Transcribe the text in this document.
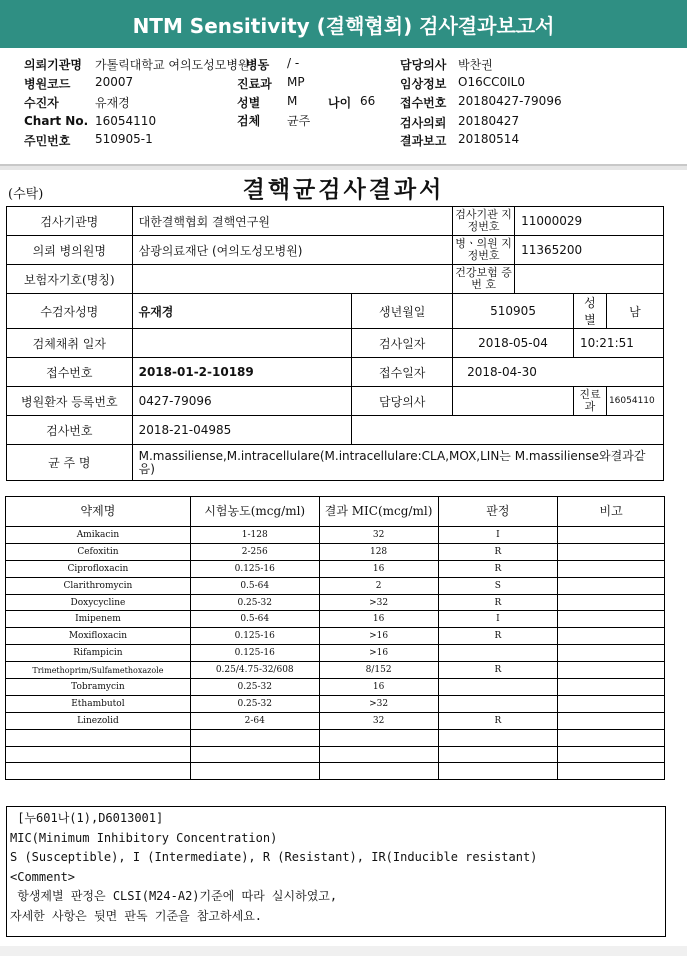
NTM Sensitivity (결핵협회) 검사결과보고서
의뢰기관명 가톨릭대학교 여의도성모병원
병동 / -	담당의사 박찬권
병원코드 20007	진료과 MP	임상정보 O16CC0IL0
수진자	유재경	성별 M	나이 66 접수번호 20180427-79096
Chart No. 16054110	검체 균주	검사의뢰 20180427
주민번호 510905-1	결과보고 20180514
(수탁)	결핵균검사결과서
검사기관명	대한결핵협회 결핵연구원		검사기관 지정번호	11000029		
의뢰 병의원명	삼광의료재단 (여의도성모병원)		병ㆍ의원 지정번호	11365200		
보험자기호(명칭)			건강보험 증 번 호			
수검자성명	유재경	생년월일	510905		성별	남
검체채취 일자		검사일자	2018-05-04		10:21:51	
접수번호	2018-01-2-10189	접수일자	2018-04-30			
병원환자 등록번호	0427-79096	담당의사			진료과	16054110
검사번호	2018-21-04985					
균 주 명	M.massiliense,M.intracellulare(M.intracellulare:CLA,MOX,LIN는 M.massiliense와결과같음)					
약제명	시험농도(mcg/ml)	결과 MIC(mcg/ml)	판정	비고
Amikacin	1-128	32	I	
Cefoxitin	2-256	128	R	
Ciprofloxacin	0.125-16	16	R	
Clarithromycin	0.5-64	2	S	
Doxycycline	0.25-32	>32	R	
Imipenem	0.5-64	16	I	
Moxifloxacin	0.125-16	>16	R	
Rifampicin	0.125-16	>16		
Trimethoprim/Sulfamethoxazole	0.25/4.75-32/608	8/152	R	
Tobramycin	0.25-32	16		
Ethambutol	0.25-32	>32		
Linezolid	2-64	32	R	

[누601나(1),D6013001]
MIC(Minimum Inhibitory Concentration)
S (Susceptible), I (Intermediate), R (Resistant), IR(Inducible resistant)
<Comment>
항생제별 판정은 CLSI(M24-A2)기준에 따라 실시하였고,
자세한 사항은 뒷면 판독 기준을 참고하세요.
